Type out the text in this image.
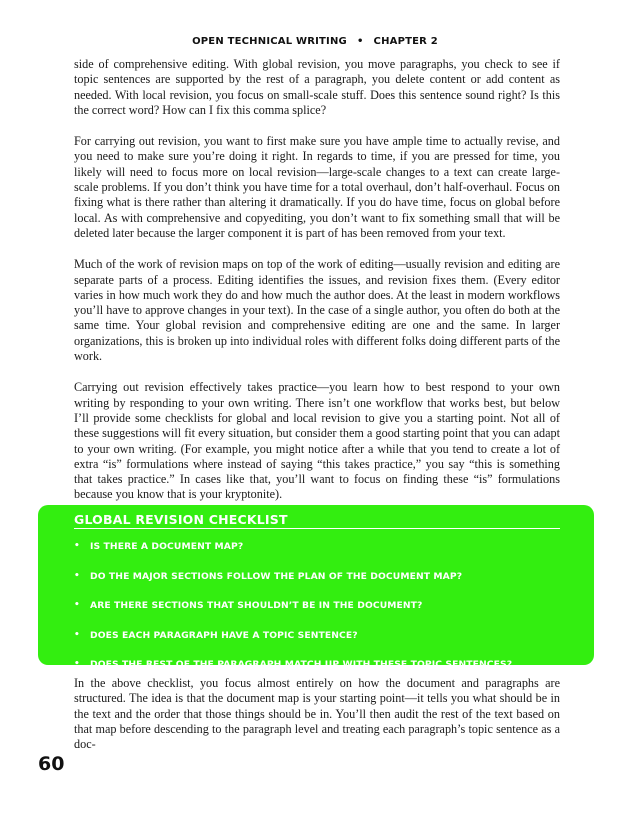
OPEN TECHNICAL WRITING • CHAPTER 2

side of comprehensive editing. With global revision, you move paragraphs, you check to see if topic sentences are supported by the rest of a paragraph, you delete content or add content as needed. With local revision, you focus on small-scale stuff. Does this sentence sound right? Is this the correct word? How can I fix this comma splice?

For carrying out revision, you want to first make sure you have ample time to actually revise, and you need to make sure you’re doing it right. In regards to time, if you are pressed for time, you likely will need to focus more on local revision—large-scale changes to a text can create large-scale problems. If you don’t think you have time for a total overhaul, don’t half-overhaul. Focus on fixing what is there rather than altering it dramatically. If you do have time, focus on global before local. As with comprehensive and copyediting, you don’t want to fix something small that will be deleted later because the larger component it is part of has been removed from your text.

Much of the work of revision maps on top of the work of editing—usually revision and editing are separate parts of a process. Editing identifies the issues, and revision fixes them. (Every editor varies in how much work they do and how much the author does. At the least in modern workflows you’ll have to approve changes in your text). In the case of a single author, you often do both at the same time. Your global revision and comprehensive editing are one and the same. In larger organizations, this is broken up into individual roles with different folks doing different parts of the work.

Carrying out revision effectively takes practice—you learn how to best respond to your own writing by responding to your own writing. There isn’t one workflow that works best, but below I’ll provide some checklists for global and local revision to give you a starting point. Not all of these suggestions will fit every situation, but consider them a good starting point that you can adapt to your own writing. (For example, you might notice after a while that you tend to create a lot of extra “is” formulations where instead of saying “this takes practice,” you say “this is something that takes practice.” In cases like that, you’ll want to focus on finding these “is” formulations because you know that is your kryptonite).

GLOBAL REVISION CHECKLIST
•	IS THERE A DOCUMENT MAP?
•	DO THE MAJOR SECTIONS FOLLOW THE PLAN OF THE DOCUMENT MAP?
•	ARE THERE SECTIONS THAT SHOULDN’T BE IN THE DOCUMENT?
•	DOES EACH PARAGRAPH HAVE A TOPIC SENTENCE?
•	DOES THE REST OF THE PARAGRAPH MATCH UP WITH THESE TOPIC SENTENCES?
In the above checklist, you focus almost entirely on how the document and paragraphs are structured. The idea is that the document map is your starting point—it tells you what should be in the text and the order that those things should be in. You’ll then audit the rest of the text based on that map before descending to the paragraph level and treating each paragraph’s topic sentence as a doc-
60
